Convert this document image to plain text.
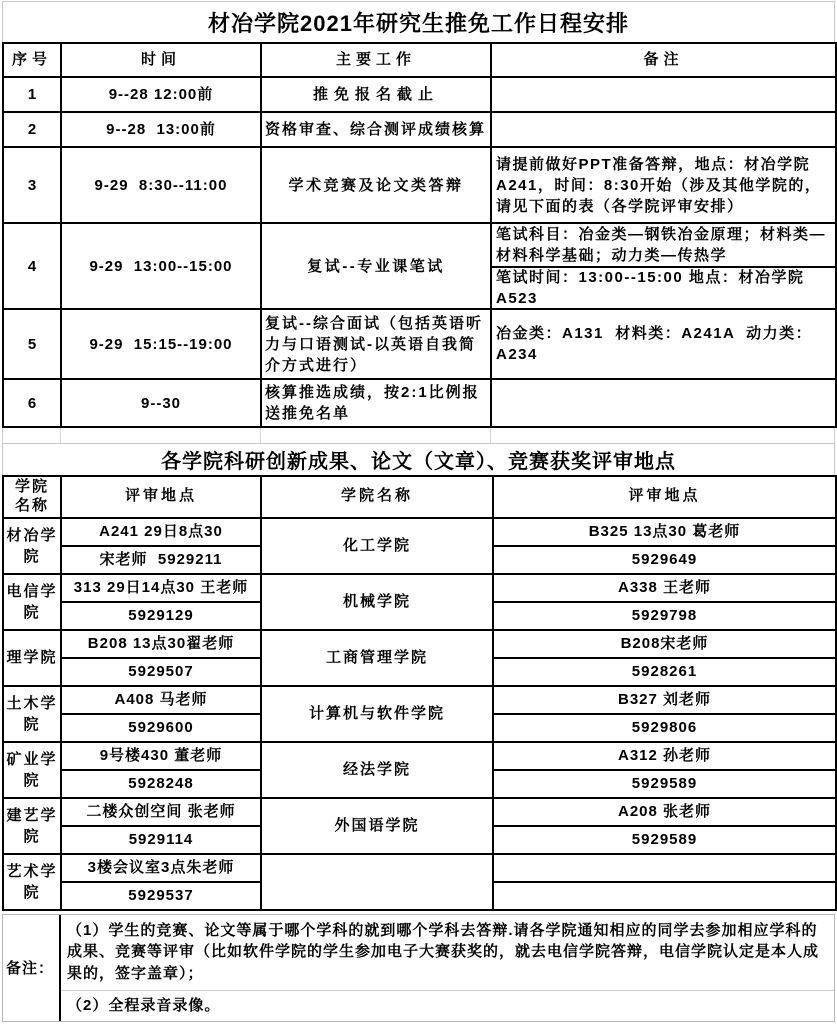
材冶学院2021年研究生推免工作日程安排
序号	时间	主要工作	备注
1	9--28 12:00前	推免报名截止	
2	9--28  13:00前	资格审查、综合测评成绩核算	
3	9-29  8:30--11:00	学术竞赛及论文类答辩	请提前做好PPT准备答辩，地点：材冶学院A241，时间：8:30开始（涉及其他学院的，请见下面的表（各学院评审安排）
4	9-29  13:00--15:00	复试--专业课笔试	笔试科目：冶金类—钢铁冶金原理；材料类—材料科学基础；动力类—传热学
笔试时间：13:00--15:00 地点：材冶学院A523

5	9-29  15:15--19:00	复试--综合面试（包括英语听力与口语测试-以英语自我简介方式进行）	冶金类：A131  材料类：A241A  动力类：A234
6	9--30	核算推选成绩，按2:1比例报送推免名单	
各学院科研创新成果、论文（文章）、竞赛获奖评审地点
学院名称	评审地点	学院名称	评审地点
材冶学院	A241 29日8点30	化工学院	B325 13点30 葛老师
	宋老师  5929211		5929649
电信学院	313 29日14点30 王老师	机械学院	A338 王老师
	5929129		5929798
理学院	B208 13点30翟老师	工商管理学院	B208宋老师
	5929507		5928261
土木学院	A408 马老师	计算机与软件学院	B327 刘老师
	5929600		5929806
矿业学院	9号楼430 董老师	经法学院	A312 孙老师
	5928248		5929589
建艺学院	二楼众创空间 张老师	外国语学院	A208 张老师
	5929114		5929589
艺术学院	3楼会议室3点朱老师		
	5929537		
备注：
（1）学生的竞赛、论文等属于哪个学科的就到哪个学科去答辩.请各学院通知相应的同学去参加相应学科的成果、竞赛等评审（比如软件学院的学生参加电子大赛获奖的，就去电信学院答辩，电信学院认定是本人成果的，签字盖章）；
（2）全程录音录像。
